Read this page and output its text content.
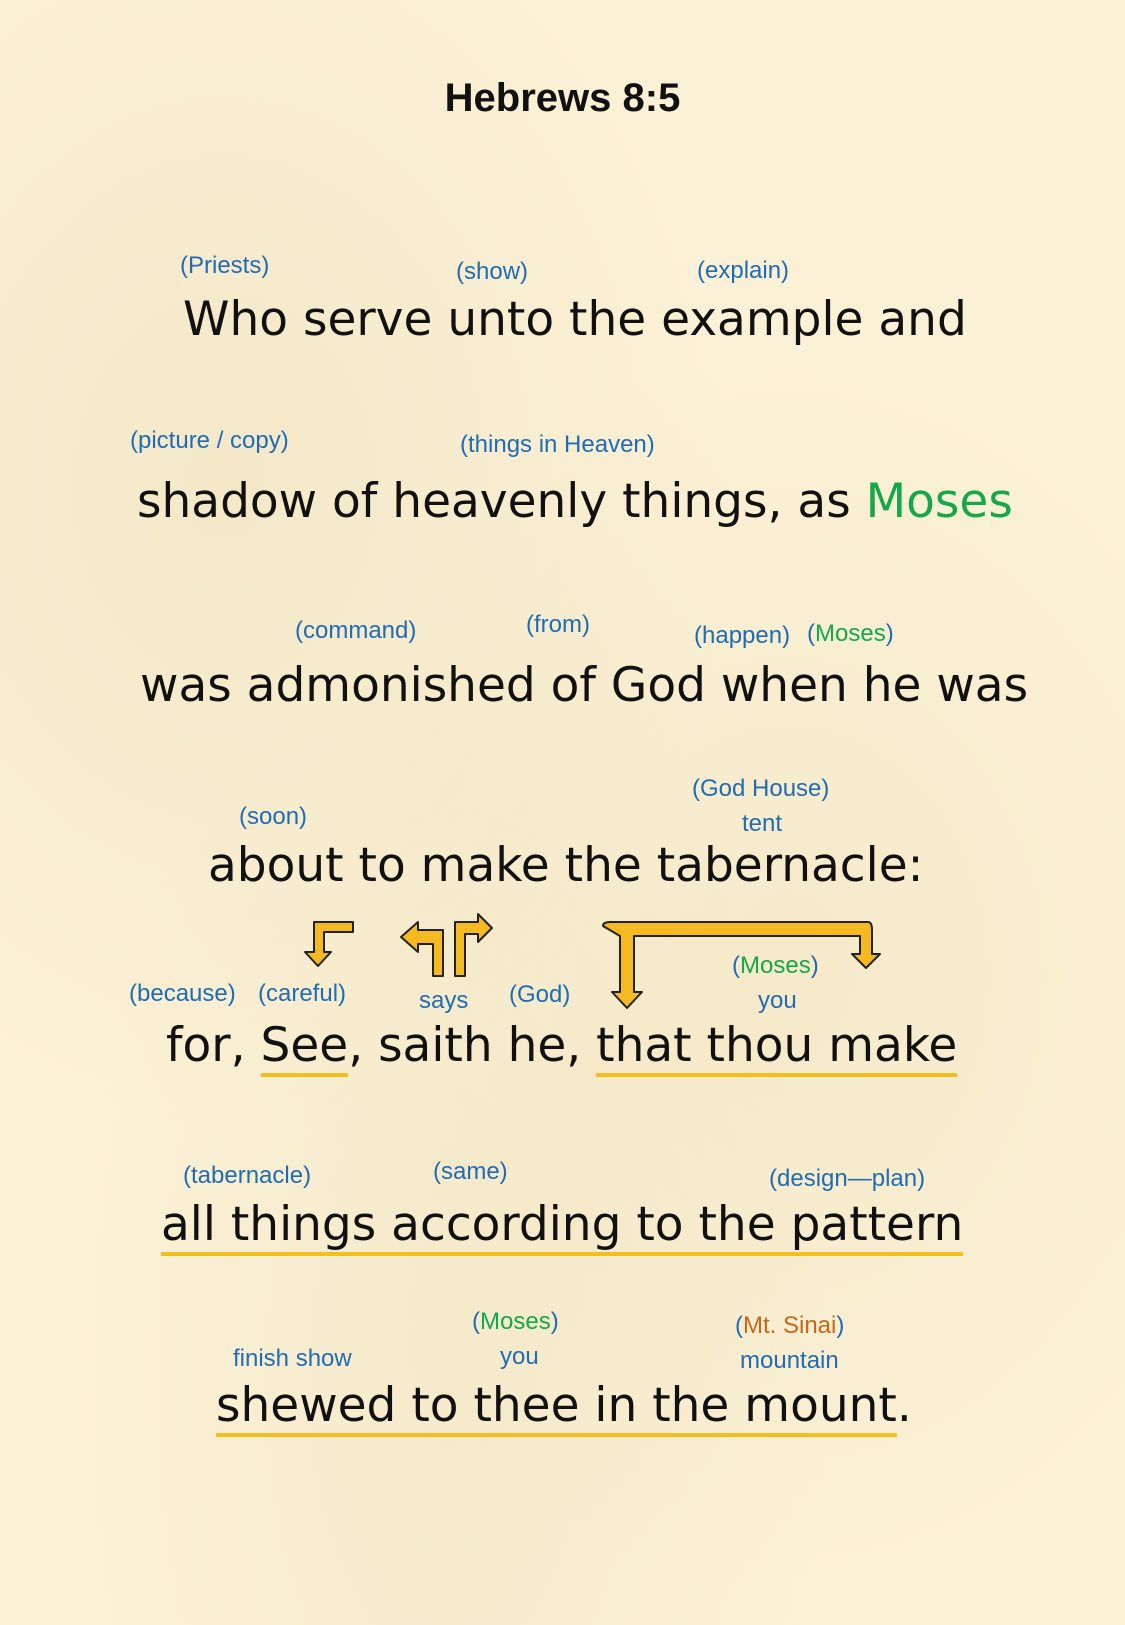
Hebrews 8:5
(Priests)	(show)	(explain)
Who serve unto the example and
(picture / copy)	(things in Heaven)
shadow of heavenly things, as Moses
(command)	(from)	(happen) (Moses)
was admonished of God when he was
(soon)
(God House)
tent
about to make the tabernacle:
(because) (careful)	says (God)
(Moses)
you
for, See, saith he, that thou make
(tabernacle)	(same)	(design—plan)
all things according to the pattern
(Moses)
you
finish show
(Mt. Sinai)
mountain
shewed to thee in the mount.
